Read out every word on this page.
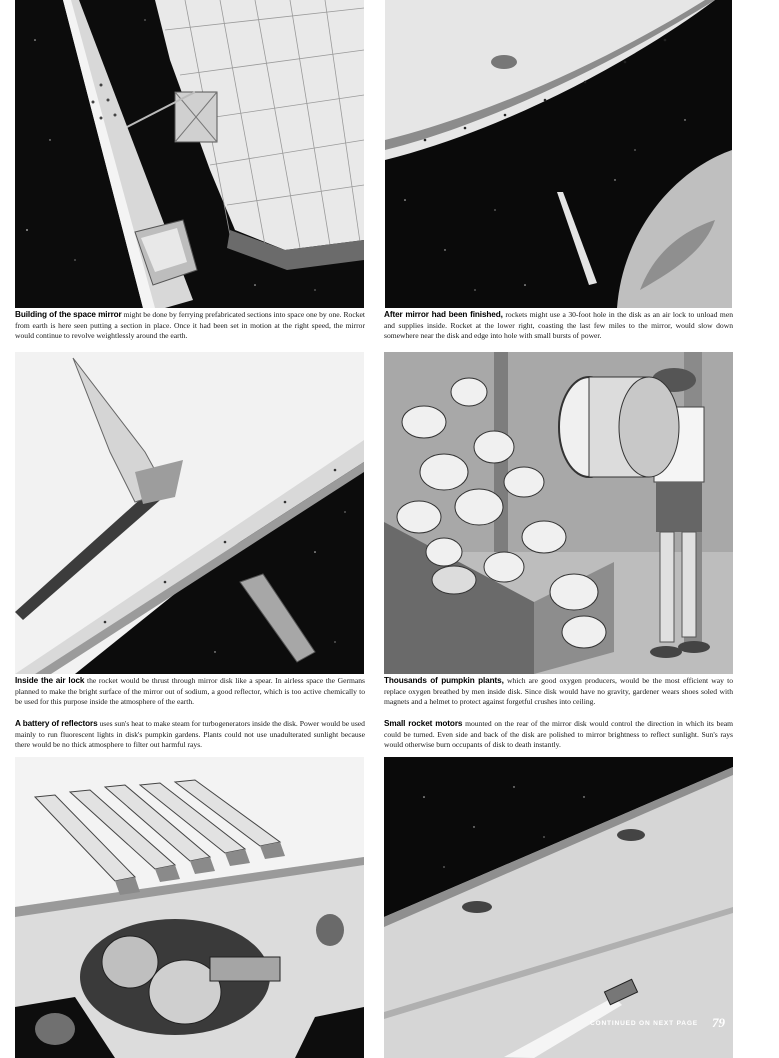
Building of the space mirror might be done by ferrying prefabricated sections into space one by one. Rocket from earth is here seen putting a section in place. Once it had been set in motion at the right speed, the mirror would continue to revolve weightlessly around the earth.
After mirror had been finished, rockets might use a 30-foot hole in the disk as an air lock to unload men and supplies inside. Rocket at the lower right, coasting the last few miles to the mirror, would slow down somewhere near the disk and edge into hole with small bursts of power.
Inside the air lock the rocket would be thrust through mirror disk like a spear. In airless space the Germans planned to make the bright surface of the mirror out of sodium, a good reflector, which is too active chemically to be used for this purpose inside the atmosphere of the earth.
Thousands of pumpkin plants, which are good oxygen producers, would be the most efficient way to replace oxygen breathed by men inside disk. Since disk would have no gravity, gardener wears shoes soled with magnets and a helmet to protect against forgetful crushes into ceiling.
A battery of reflectors uses sun's heat to make steam for turbogenerators inside the disk. Power would be used mainly to run fluorescent lights in disk's pumpkin gardens. Plants could not use unadulterated sunlight because there would be no thick atmosphere to filter out harmful rays.
Small rocket motors mounted on the rear of the mirror disk would control the direction in which its beam could be turned. Even side and back of the disk are polished to mirror brightness to reflect sunlight. Sun's rays would otherwise burn occupants of disk to death instantly.
CONTINUED ON NEXT PAGE 79
